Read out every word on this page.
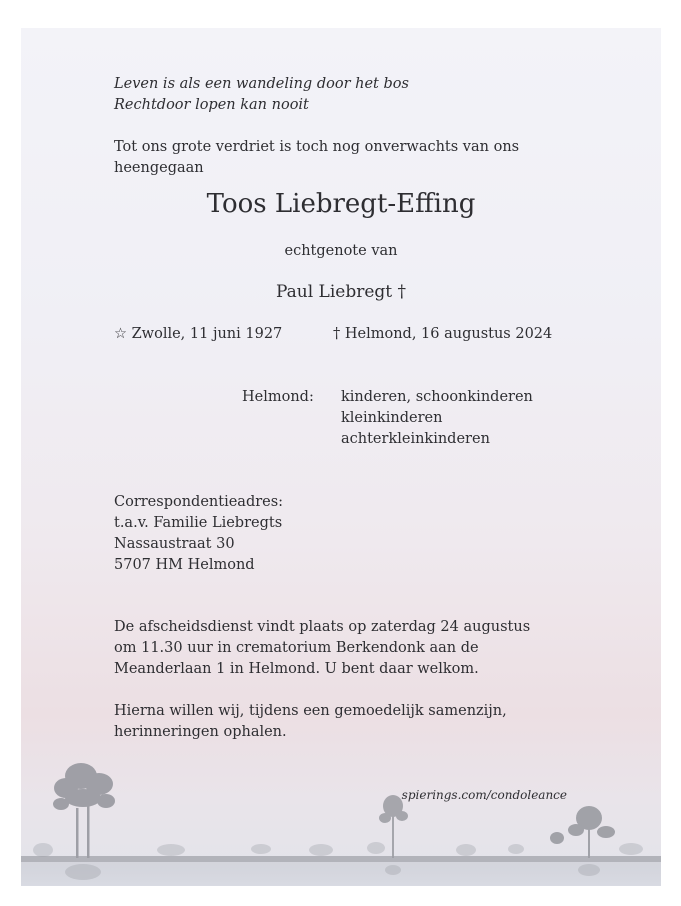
Leven is als een wandeling door het bos
Rechtdoor lopen kan nooit
Tot ons grote verdriet is toch nog onverwachts van ons
heengegaan
Toos Liebregt-Effing
echtgenote van
Paul Liebregt †
☆ Zwolle, 11 juni 1927	† Helmond, 16 augustus 2024
Helmond: kinderen, schoonkinderen
kleinkinderen
achterkleinkinderen
Correspondentieadres:
t.a.v. Familie Liebregts
Nassaustraat 30
5707 HM Helmond
De afscheidsdienst vindt plaats op zaterdag 24 augustus
om 11.30 uur in crematorium Berkendonk aan de
Meanderlaan 1 in Helmond. U bent daar welkom.
Hierna willen wij, tijdens een gemoedelijk samenzijn,
herinneringen ophalen.
spierings.com/condoleance
